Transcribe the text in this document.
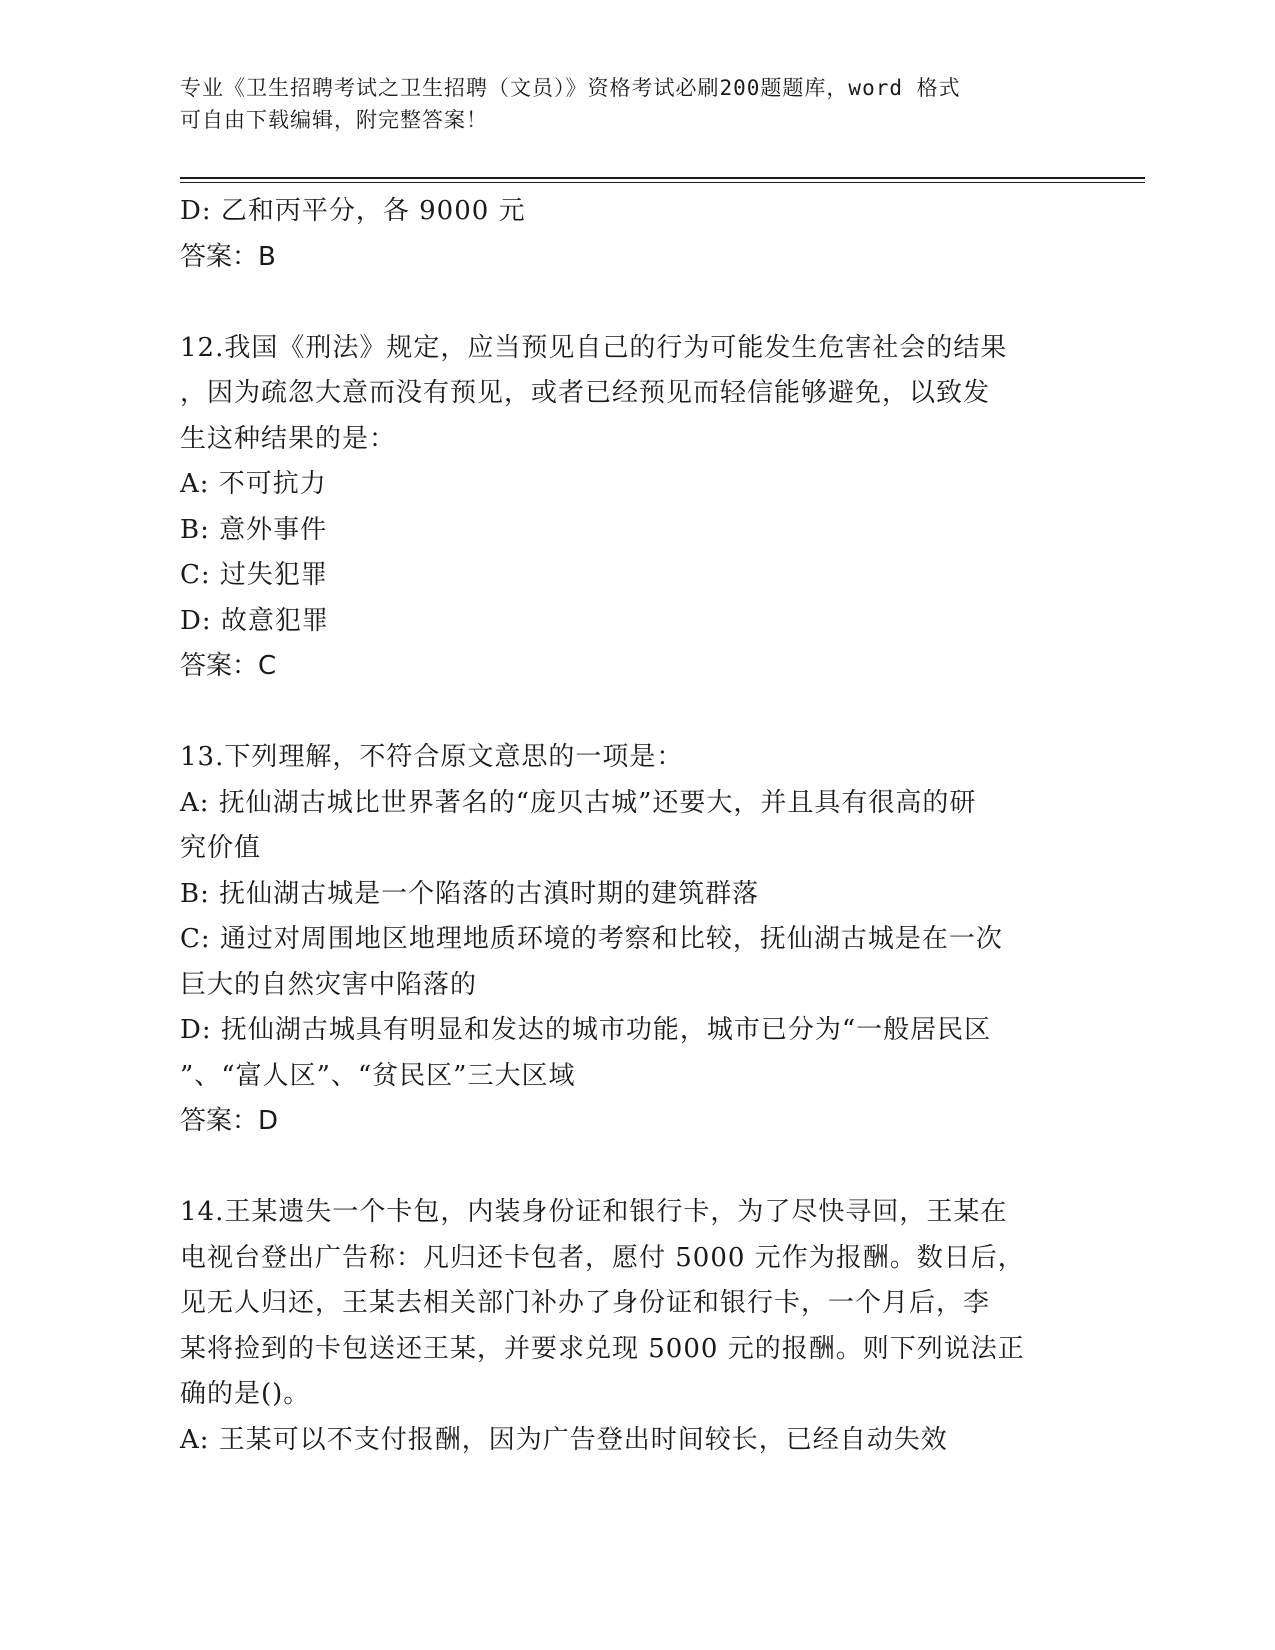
专业《卫生招聘考试之卫生招聘（文员）》资格考试必刷200题题库，word 格式
可自由下载编辑，附完整答案！
D: 乙和丙平分，各 9000 元
答案：B
12.我国《刑法》规定，应当预见自己的行为可能发生危害社会的结果
，因为疏忽大意而没有预见，或者已经预见而轻信能够避免，以致发
生这种结果的是：
A: 不可抗力
B: 意外事件
C: 过失犯罪
D: 故意犯罪
答案：C
13.下列理解，不符合原文意思的一项是：
A: 抚仙湖古城比世界著名的“庞贝古城”还要大，并且具有很高的研
究价值
B: 抚仙湖古城是一个陷落的古滇时期的建筑群落
C: 通过对周围地区地理地质环境的考察和比较，抚仙湖古城是在一次
巨大的自然灾害中陷落的
D: 抚仙湖古城具有明显和发达的城市功能，城市已分为“一般居民区
”、“富人区”、“贫民区”三大区域
答案：D
14.王某遗失一个卡包，内装身份证和银行卡，为了尽快寻回，王某在
电视台登出广告称：凡归还卡包者，愿付 5000 元作为报酬。数日后，
见无人归还，王某去相关部门补办了身份证和银行卡，一个月后，李
某将捡到的卡包送还王某，并要求兑现 5000 元的报酬。则下列说法正
确的是()。
A: 王某可以不支付报酬，因为广告登出时间较长，已经自动失效
